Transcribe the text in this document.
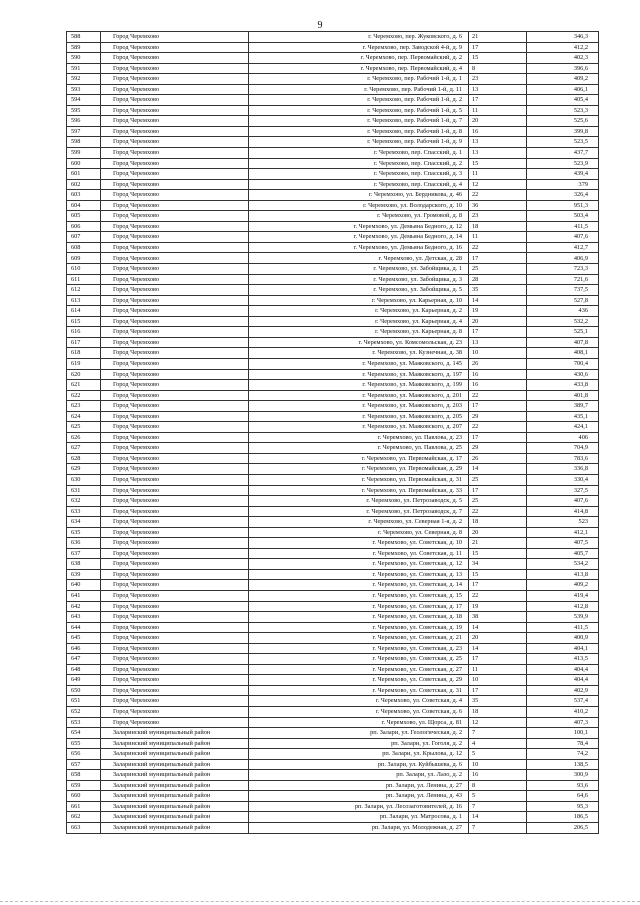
9
588	Город Черемхово	г. Черемхово, пер. Жуковского, д. 6	21	346,3
589	Город Черемхово	г. Черемхово, пер. Заводской 4-й, д. 9	17	412,2
590	Город Черемхово	г. Черемхово, пер. Первомайский, д. 2	15	402,3
591	Город Черемхово	г. Черемхово, пер. Первомайский, д. 4	8	396,6
592	Город Черемхово	г. Черемхово, пер. Рабочий 1-й, д. 1	23	409,2
593	Город Черемхово	г. Черемхово, пер. Рабочий 1-й, д. 11	13	406,1
594	Город Черемхово	г. Черемхово, пер. Рабочий 1-й, д. 2	17	405,4
595	Город Черемхово	г. Черемхово, пер. Рабочий 1-й, д. 5	11	523,3
596	Город Черемхово	г. Черемхово, пер. Рабочий 1-й, д. 7	20	525,6
597	Город Черемхово	г. Черемхово, пер. Рабочий 1-й, д. 8	16	399,8
598	Город Черемхово	г. Черемхово, пер. Рабочий 1-й, д. 9	13	523,5
599	Город Черемхово	г. Черемхово, пер. Спасский, д. 1	13	437,7
600	Город Черемхово	г. Черемхово, пер. Спасский, д. 2	15	523,9
601	Город Черемхово	г. Черемхово, пер. Спасский, д. 3	11	439,4
602	Город Черемхово	г. Черемхово, пер. Спасский, д. 4	12	379
603	Город Черемхово	г. Черемхово, ул. Бердникова, д. 46	22	326,4
604	Город Черемхово	г. Черемхово, ул. Володарского, д. 10	36	951,3
605	Город Черемхово	г. Черемхово, ул. Громовой, д. 8	23	503,4
606	Город Черемхово	г. Черемхово, ул. Демьяна Бедного, д. 12	18	411,5
607	Город Черемхово	г. Черемхово, ул. Демьяна Бедного, д. 14	11	407,6
608	Город Черемхово	г. Черемхово, ул. Демьяна Бедного, д. 16	22	412,7
609	Город Черемхово	г. Черемхово, ул. Детская, д. 28	17	406,9
610	Город Черемхово	г. Черемхово, ул. Забойщика, д. 1	25	723,3
611	Город Черемхово	г. Черемхово, ул. Забойщика, д. 3	28	721,6
612	Город Черемхово	г. Черемхово, ул. Забойщика, д. 5	35	737,5
613	Город Черемхово	г. Черемхово, ул. Карьерная, д. 10	14	527,8
614	Город Черемхово	г. Черемхово, ул. Карьерная, д. 2	19	436
615	Город Черемхово	г. Черемхово, ул. Карьерная, д. 4	20	532,2
616	Город Черемхово	г. Черемхово, ул. Карьерная, д. 8	17	525,1
617	Город Черемхово	г. Черемхово, ул. Комсомольская, д. 23	13	407,8
618	Город Черемхово	г. Черемхово, ул. Кузнечная, д. 38	10	408,1
619	Город Черемхово	г. Черемхово, ул. Маяковского, д. 145	26	700,4
620	Город Черемхово	г. Черемхово, ул. Маяковского, д. 197	16	430,6
621	Город Черемхово	г. Черемхово, ул. Маяковского, д. 199	16	433,8
622	Город Черемхово	г. Черемхово, ул. Маяковского, д. 201	22	401,8
623	Город Черемхово	г. Черемхово, ул. Маяковского, д. 203	17	389,7
624	Город Черемхово	г. Черемхово, ул. Маяковского, д. 205	29	435,1
625	Город Черемхово	г. Черемхово, ул. Маяковского, д. 207	22	424,1
626	Город Черемхово	г. Черемхово, ул. Павлова, д. 23	17	406
627	Город Черемхово	г. Черемхово, ул. Павлова, д. 25	29	704,9
628	Город Черемхово	г. Черемхово, ул. Первомайская, д. 17	26	783,6
629	Город Черемхово	г. Черемхово, ул. Первомайская, д. 29	14	336,8
630	Город Черемхово	г. Черемхово, ул. Первомайская, д. 31	25	330,4
631	Город Черемхово	г. Черемхово, ул. Первомайская, д. 33	17	327,5
632	Город Черемхово	г. Черемхово, ул. Петрозаводск, д. 5	25	407,6
633	Город Черемхово	г. Черемхово, ул. Петрозаводск, д. 7	22	414,8
634	Город Черемхово	г. Черемхово, ул. Северная 1-я, д. 2	18	523
635	Город Черемхово	г. Черемхово, ул. Северная, д. 8	20	412,1
636	Город Черемхово	г. Черемхово, ул. Советская, д. 10	21	407,5
637	Город Черемхово	г. Черемхово, ул. Советская, д. 11	15	405,7
638	Город Черемхово	г. Черемхово, ул. Советская, д. 12	34	534,2
639	Город Черемхово	г. Черемхово, ул. Советская, д. 13	15	413,8
640	Город Черемхово	г. Черемхово, ул. Советская, д. 14	17	409,2
641	Город Черемхово	г. Черемхово, ул. Советская, д. 15	22	419,4
642	Город Черемхово	г. Черемхово, ул. Советская, д. 17	19	412,8
643	Город Черемхово	г. Черемхово, ул. Советская, д. 18	38	539,9
644	Город Черемхово	г. Черемхово, ул. Советская, д. 19	14	411,5
645	Город Черемхово	г. Черемхово, ул. Советская, д. 21	20	400,9
646	Город Черемхово	г. Черемхово, ул. Советская, д. 23	14	404,1
647	Город Черемхово	г. Черемхово, ул. Советская, д. 25	17	413,5
648	Город Черемхово	г. Черемхово, ул. Советская, д. 27	11	404,4
649	Город Черемхово	г. Черемхово, ул. Советская, д. 29	10	404,4
650	Город Черемхово	г. Черемхово, ул. Советская, д. 31	17	402,9
651	Город Черемхово	г. Черемхово, ул. Советская, д. 4	35	537,4
652	Город Черемхово	г. Черемхово, ул. Советская, д. 6	18	410,2
653	Город Черемхово	г. Черемхово, ул. Щорса, д. 81	12	407,3
654	Заларинский муниципальный район	рп. Залари, ул. Геологическая, д. 2	7	100,1
655	Заларинский муниципальный район	рп. Залари, ул. Гоголя, д. 2	4	78,4
656	Заларинский муниципальный район	рп. Залари, ул. Крылова, д. 12	5	74,2
657	Заларинский муниципальный район	рп. Залари, ул. Куйбышева, д. 6	10	138,5
658	Заларинский муниципальный район	рп. Залари, ул. Лазо, д. 2	16	300,9
659	Заларинский муниципальный район	рп. Залари, ул. Ленина, д. 27	8	93,6
660	Заларинский муниципальный район	рп. Залари, ул. Ленина, д. 43	5	64,6
661	Заларинский муниципальный район	рп. Залари, ул. Лесозаготовителей, д. 16	7	95,3
662	Заларинский муниципальный район	рп. Залари, ул. Матросова, д. 1	14	186,5
663	Заларинский муниципальный район	рп. Залари, ул. Молодежная, д. 27	7	206,5
